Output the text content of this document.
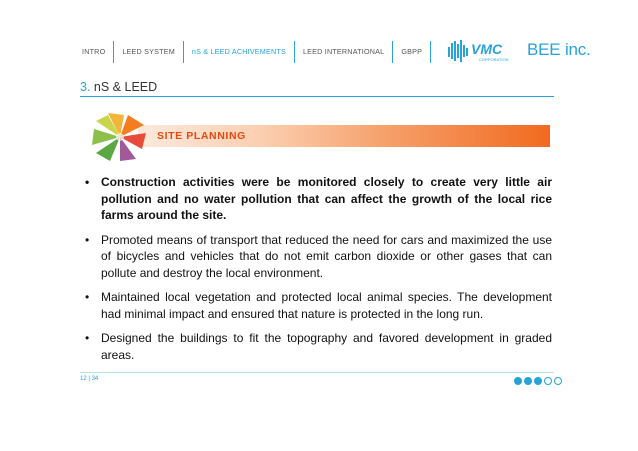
INTRO	LEED SYSTEM	nS & LEED ACHIVEMENTS	LEED INTERNATIONAL	GBPP	VMC
CORPORATION
BEE inc.
3. nS & LEED
SITE PLANNING
• Construction activities were be monitored closely to create very little air pollution and no water pollution that can affect the growth of the local rice farms around the site.
• Promoted means of transport that reduced the need for cars and maximized the use of bicycles and vehicles that do not emit carbon dioxide or other gases that can pollute and destroy the local environment.
• Maintained local vegetation and protected local animal species. The development had minimal impact and ensured that nature is protected in the long run.
• Designed the buildings to fit the topography and favored development in graded areas.
12 | 34
